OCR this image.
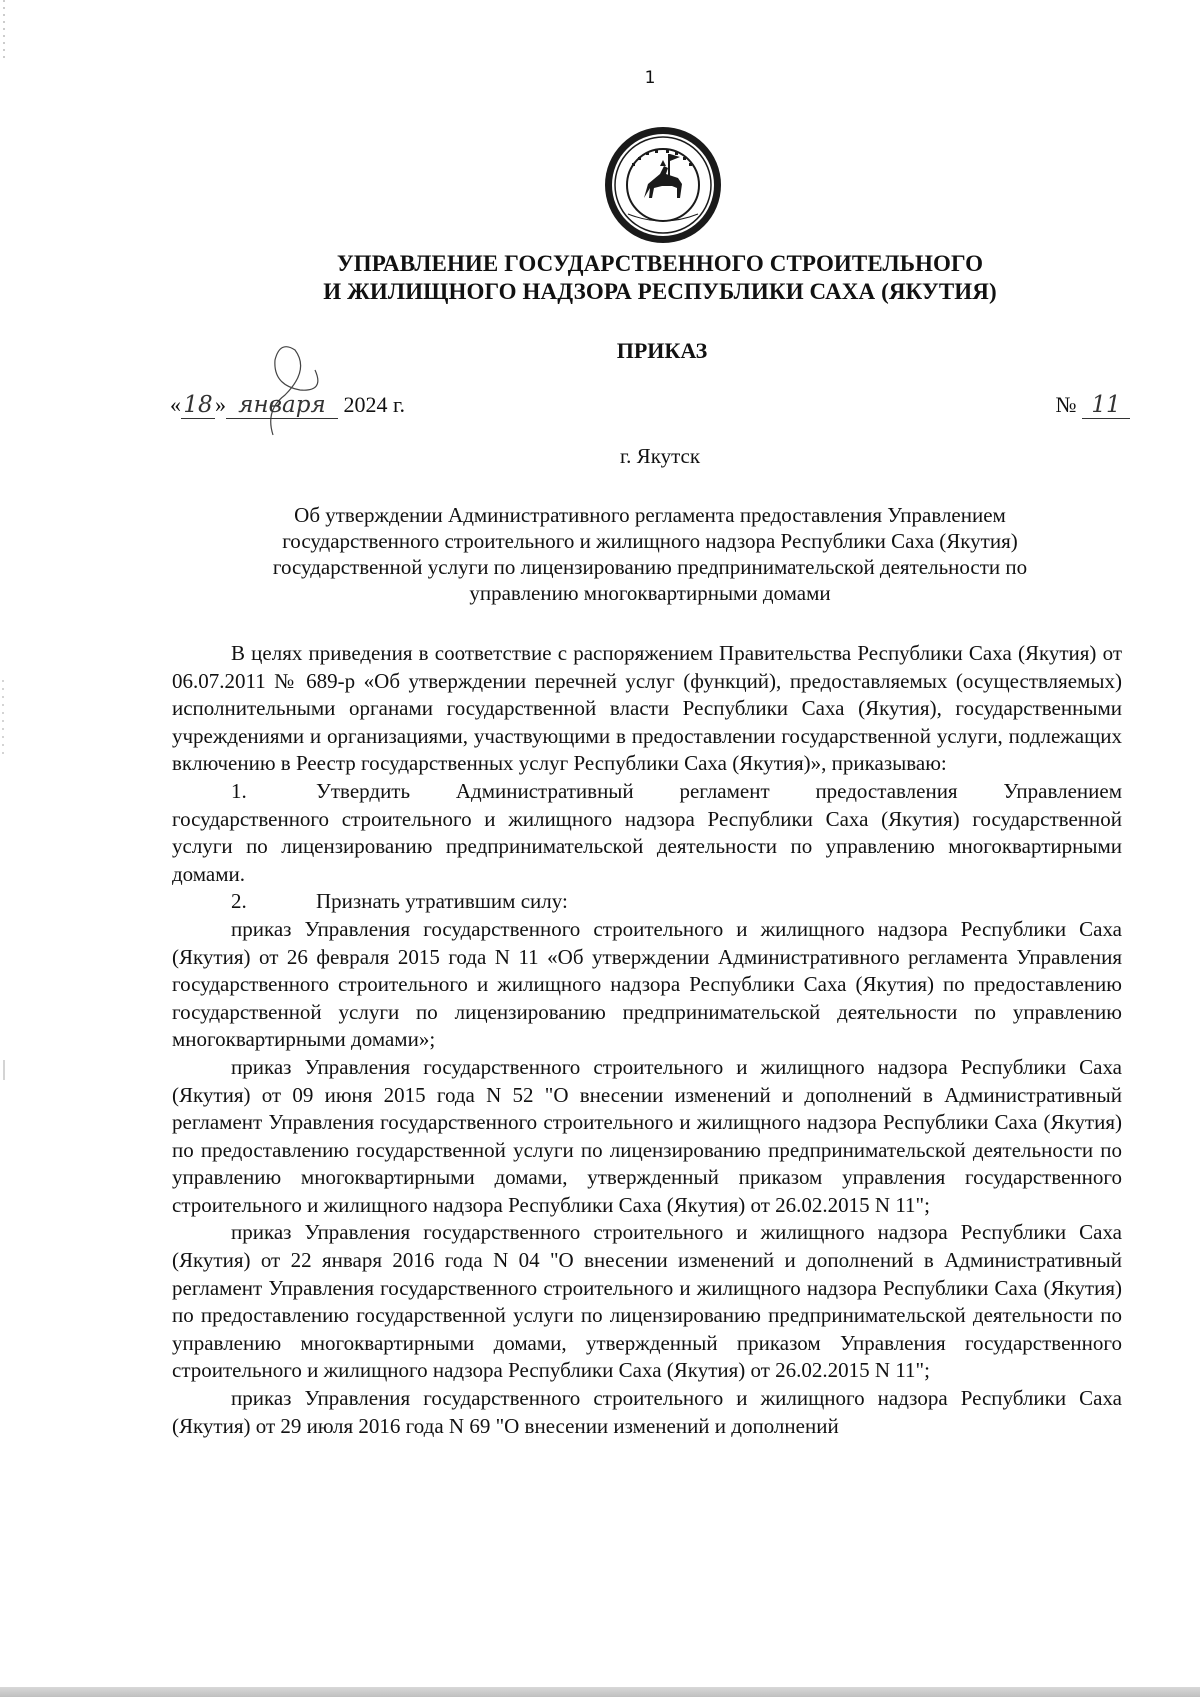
1
УПРАВЛЕНИЕ ГОСУДАРСТВЕННОГО СТРОИТЕЛЬНОГО
И ЖИЛИЩНОГО НАДЗОРА РЕСПУБЛИКИ САХА (ЯКУТИЯ)
ПРИКАЗ
« 18 » января 2024 г.	№ 11
г. Якутск
Об утверждении Административного регламента предоставления Управлением
государственного строительного и жилищного надзора Республики Саха (Якутия)
государственной услуги по лицензированию предпринимательской деятельности по
управлению многоквартирными домами

В целях приведения в соответствие с распоряжением Правительства Республики Саха (Якутия) от 06.07.2011 № 689-р «Об утверждении перечней услуг (функций), предоставляемых (осуществляемых) исполнительными органами государственной власти Республики Саха (Якутия), государственными учреждениями и организациями, участвующими в предоставлении государственной услуги, подлежащих включению в Реестр государственных услуг Республики Саха (Якутия)», приказываю:

1.	Утвердить Административный регламент предоставления Управлением государственного строительного и жилищного надзора Республики Саха (Якутия) государственной услуги по лицензированию предпринимательской деятельности по управлению многоквартирными домами.

2.	Признать утратившим силу:

приказ Управления государственного строительного и жилищного надзора Республики Саха (Якутия) от 26 февраля 2015 года N 11 «Об утверждении Административного регламента Управления государственного строительного и жилищного надзора Республики Саха (Якутия) по предоставлению государственной услуги по лицензированию предпринимательской деятельности по управлению многоквартирными домами»;

приказ Управления государственного строительного и жилищного надзора Республики Саха (Якутия) от 09 июня 2015 года N 52 "О внесении изменений и дополнений в Административный регламент Управления государственного строительного и жилищного надзора Республики Саха (Якутия) по предоставлению государственной услуги по лицензированию предпринимательской деятельности по управлению многоквартирными домами, утвержденный приказом управления государственного строительного и жилищного надзора Республики Саха (Якутия) от 26.02.2015 N 11";

приказ Управления государственного строительного и жилищного надзора Республики Саха (Якутия) от 22 января 2016 года N 04 "О внесении изменений и дополнений в Административный регламент Управления государственного строительного и жилищного надзора Республики Саха (Якутия) по предоставлению государственной услуги по лицензированию предпринимательской деятельности по управлению многоквартирными домами, утвержденный приказом Управления государственного строительного и жилищного надзора Республики Саха (Якутия) от 26.02.2015 N 11";

приказ Управления государственного строительного и жилищного надзора Республики Саха (Якутия) от 29 июля 2016 года N 69 "О внесении изменений и дополнений
